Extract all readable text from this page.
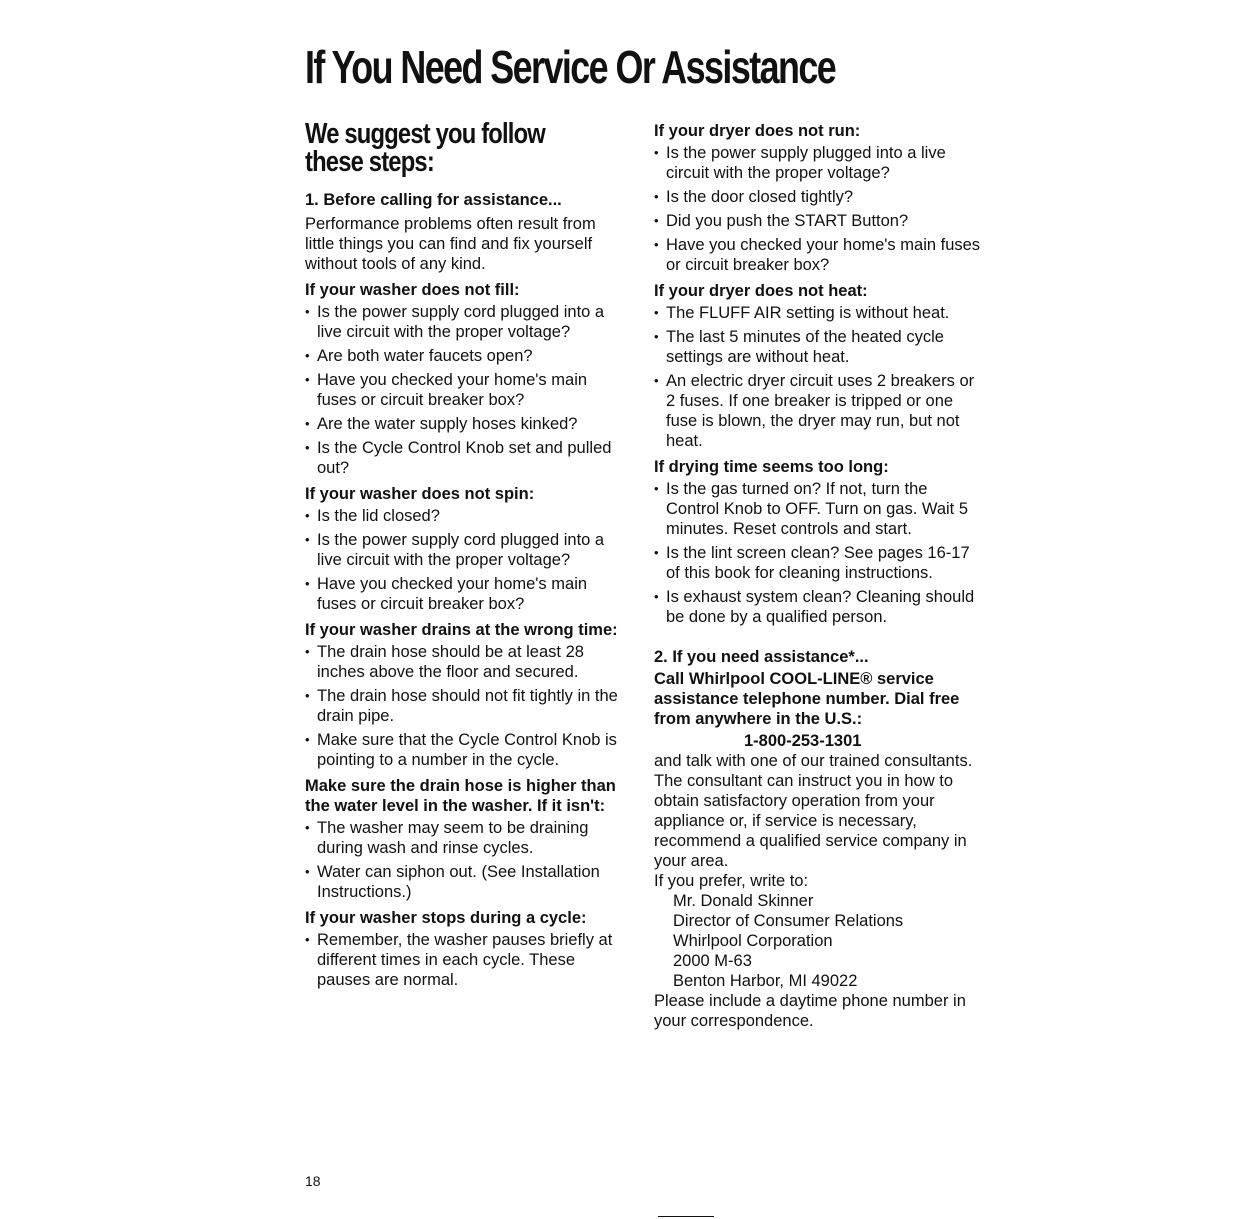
If You Need Service Or Assistance
We suggest you follow
these steps:
1. Before calling for assistance...

Performance problems often result from little things you can find and fix yourself without tools of any kind.

If your washer does not fill:
• Is the power supply cord plugged into a live circuit with the proper voltage?
• Are both water faucets open?
• Have you checked your home's main fuses or circuit breaker box?
• Are the water supply hoses kinked?
• Is the Cycle Control Knob set and pulled out?
If your washer does not spin:
• Is the lid closed?
• Is the power supply cord plugged into a live circuit with the proper voltage?
• Have you checked your home's main fuses or circuit breaker box?
If your washer drains at the wrong time:
• The drain hose should be at least 28 inches above the floor and secured.
• The drain hose should not fit tightly in the drain pipe.
• Make sure that the Cycle Control Knob is pointing to a number in the cycle.
Make sure the drain hose is higher than the water level in the washer. If it isn't:
• The washer may seem to be draining during wash and rinse cycles.
• Water can siphon out. (See Installation Instructions.)
If your washer stops during a cycle:
• Remember, the washer pauses briefly at different times in each cycle. These pauses are normal.
If your dryer does not run:
• Is the power supply plugged into a live circuit with the proper voltage?
• Is the door closed tightly?
• Did you push the START Button?
• Have you checked your home's main fuses or circuit breaker box?
If your dryer does not heat:
• The FLUFF AIR setting is without heat.
• The last 5 minutes of the heated cycle settings are without heat.
• An electric dryer circuit uses 2 breakers or 2 fuses. If one breaker is tripped or one fuse is blown, the dryer may run, but not heat.
If drying time seems too long:
• Is the gas turned on? If not, turn the Control Knob to OFF. Turn on gas. Wait 5 minutes. Reset controls and start.
• Is the lint screen clean? See pages 16-17 of this book for cleaning instructions.
• Is exhaust system clean? Cleaning should be done by a qualified person.
2. If you need assistance*...
Call Whirlpool COOL-LINE® service assistance telephone number. Dial free from anywhere in the U.S.:

1-800-253-1301

and talk with one of our trained consultants. The consultant can instruct you in how to obtain satisfactory operation from your appliance or, if service is necessary, recommend a qualified service company in your area.

If you prefer, write to:

Mr. Donald Skinner
Director of Consumer Relations
Whirlpool Corporation
2000 M-63
Benton Harbor, MI 49022

Please include a daytime phone number in your correspondence.

18
